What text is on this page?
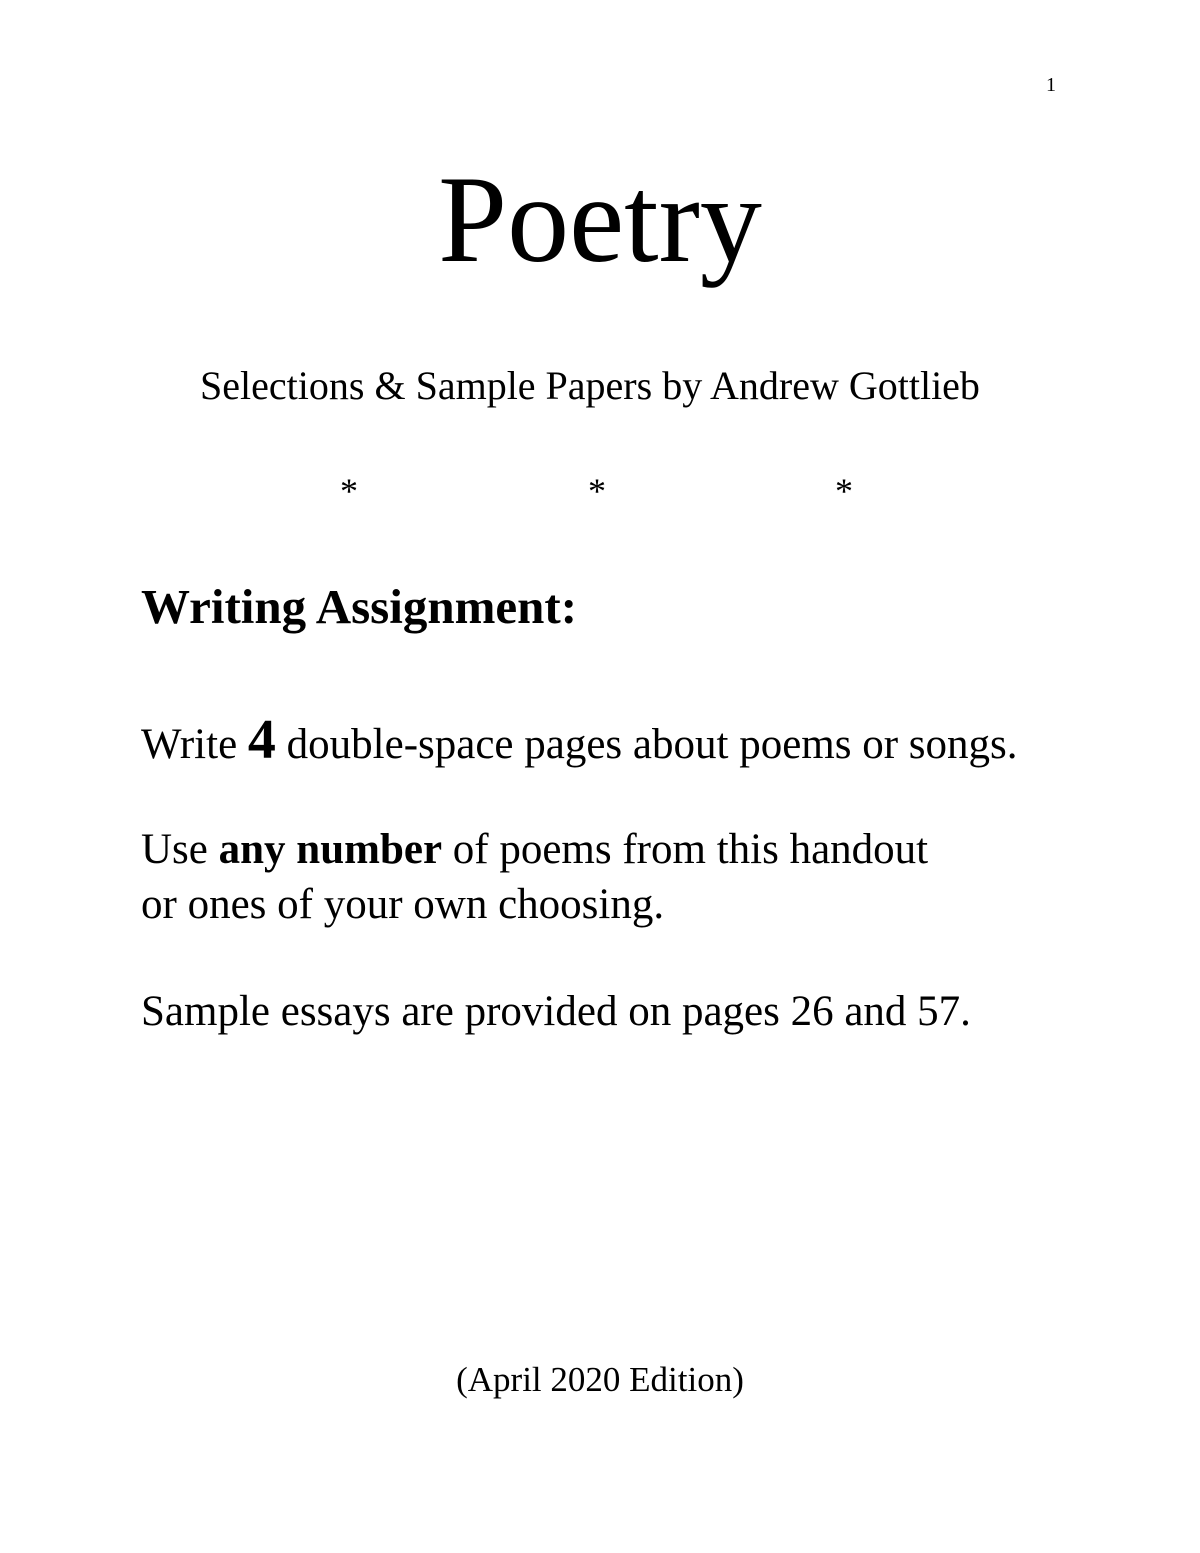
1
Poetry
Selections & Sample Papers by Andrew Gottlieb
*	*	*
Writing Assignment:
Write 4 double-space pages about poems or songs.
Use any number of poems from this handout
or ones of your own choosing.
Sample essays are provided on pages 26 and 57.
(April 2020 Edition)
